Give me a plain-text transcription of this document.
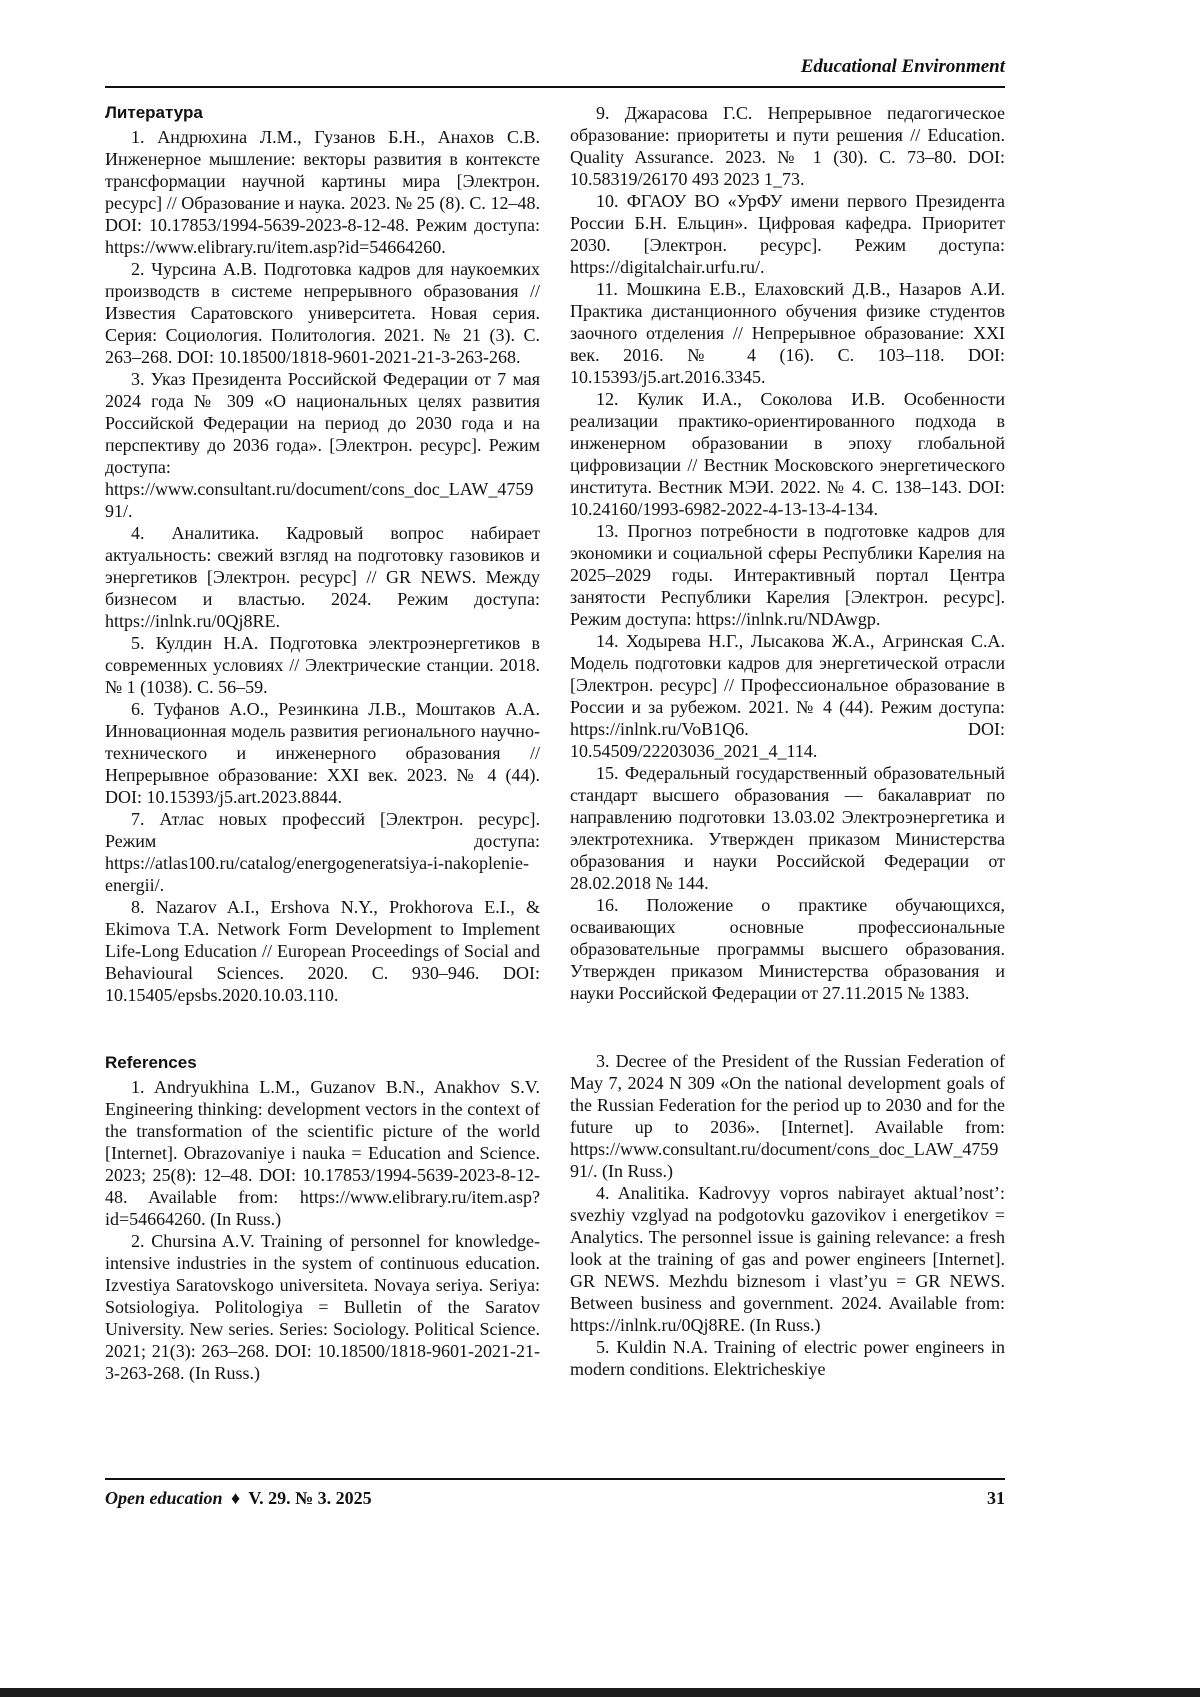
Educational Environment
Литература

1. Андрюхина Л.М., Гузанов Б.Н., Анахов С.В. Инженерное мышление: векторы развития в контексте трансформации научной картины мира [Электрон. ресурс] // Образование и наука. 2023. № 25 (8). С. 12–48. DOI: 10.17853/1994-5639-2023-8-12-48. Режим доступа: https://www.elibrary.ru/item.asp?id=54664260.

2. Чурсина А.В. Подготовка кадров для наукоемких производств в системе непрерывного образования // Известия Саратовского университета. Новая серия. Серия: Социология. Политология. 2021. № 21 (3). С. 263–268. DOI: 10.18500/1818-9601-2021-21-3-263-268.

3. Указ Президента Российской Федерации от 7 мая 2024 года № 309 «О национальных целях развития Российской Федерации на период до 2030 года и на перспективу до 2036 года». [Электрон. ресурс]. Режим доступа: https://www.consultant.ru/document/cons_doc_LAW_475991/.

4. Аналитика. Кадровый вопрос набирает актуальность: свежий взгляд на подготовку газовиков и энергетиков [Электрон. ресурс] // GR NEWS. Между бизнесом и властью. 2024. Режим доступа: https://inlnk.ru/0Qj8RE.

5. Кулдин Н.А. Подготовка электроэнергетиков в современных условиях // Электрические станции. 2018. № 1 (1038). С. 56–59.

6. Туфанов А.О., Резинкина Л.В., Моштаков А.А. Инновационная модель развития регионального научно-технического и инженерного образования // Непрерывное образование: XXI век. 2023. № 4 (44). DOI: 10.15393/j5.art.2023.8844.

7. Атлас новых профессий [Электрон. ресурс]. Режим доступа: https://atlas100.ru/catalog/energogeneratsiya-i-nakoplenie-energii/.

8. Nazarov A.I., Ershova N.Y., Prokhorova E.I., & Ekimova T.A. Network Form Development to Implement Life-Long Education // European Proceedings of Social and Behavioural Sciences. 2020. С. 930–946. DOI: 10.15405/epsbs.2020.10.03.110.

References

1. Andryukhina L.M., Guzanov B.N., Anakhov S.V. Engineering thinking: development vectors in the context of the transformation of the scientific picture of the world [Internet]. Obrazovaniye i nauka = Education and Science. 2023; 25(8): 12–48. DOI: 10.17853/1994-5639-2023-8-12-48. Available from: https://www.elibrary.ru/item.asp?id=54664260. (In Russ.)

2. Chursina A.V. Training of personnel for knowledge-intensive industries in the system of continuous education. Izvestiya Saratovskogo universiteta. Novaya seriya. Seriya: Sotsiologiya. Politologiya = Bulletin of the Saratov University. New series. Series: Sociology. Political Science. 2021; 21(3): 263–268. DOI: 10.18500/1818-9601-2021-21-3-263-268. (In Russ.)

9. Джарасова Г.С. Непрерывное педагогическое образование: приоритеты и пути решения // Education. Quality Assurance. 2023. № 1 (30). С. 73–80. DOI: 10.58319/26170 493 2023 1_73.

10. ФГАОУ ВО «УрФУ имени первого Президента России Б.Н. Ельцин». Цифровая кафедра. Приоритет 2030. [Электрон. ресурс]. Режим доступа: https://digitalchair.urfu.ru/.

11. Мошкина Е.В., Елаховский Д.В., Назаров А.И. Практика дистанционного обучения физике студентов заочного отделения // Непрерывное образование: XXI век. 2016. № 4 (16). С. 103–118. DOI: 10.15393/j5.art.2016.3345.

12. Кулик И.А., Соколова И.В. Особенности реализации практико-ориентированного подхода в инженерном образовании в эпоху глобальной цифровизации // Вестник Московского энергетического института. Вестник МЭИ. 2022. № 4. С. 138–143. DOI: 10.24160/1993-6982-2022-4-13-13-4-134.

13. Прогноз потребности в подготовке кадров для экономики и социальной сферы Республики Карелия на 2025–2029 годы. Интерактивный портал Центра занятости Республики Карелия [Электрон. ресурс]. Режим доступа: https://inlnk.ru/NDAwgp.

14. Ходырева Н.Г., Лысакова Ж.А., Агринская С.А. Модель подготовки кадров для энергетической отрасли [Электрон. ресурс] // Профессиональное образование в России и за рубежом. 2021. № 4 (44). Режим доступа: https://inlnk.ru/VoB1Q6. DOI: 10.54509/22203036_2021_4_114.

15. Федеральный государственный образовательный стандарт высшего образования — бакалавриат по направлению подготовки 13.03.02 Электроэнергетика и электротехника. Утвержден приказом Министерства образования и науки Российской Федерации от 28.02.2018 № 144.

16. Положение о практике обучающихся, осваивающих основные профессиональные образовательные программы высшего образования. Утвержден приказом Министерства образования и науки Российской Федерации от 27.11.2015 № 1383.

3. Decree of the President of the Russian Federation of May 7, 2024 N 309 «On the national development goals of the Russian Federation for the period up to 2030 and for the future up to 2036». [Internet]. Available from: https://www.consultant.ru/document/cons_doc_LAW_475991/. (In Russ.)

4. Analitika. Kadrovyy vopros nabirayet aktual’nost’: svezhiy vzglyad na podgotovku gazovikov i energetikov = Analytics. The personnel issue is gaining relevance: a fresh look at the training of gas and power engineers [Internet]. GR NEWS. Mezhdu biznesom i vlast’yu = GR NEWS. Between business and government. 2024. Available from: https://inlnk.ru/0Qj8RE. (In Russ.)

5. Kuldin N.A. Training of electric power engineers in modern conditions. Elektricheskiye

Open education ♦ V. 29. № 3. 2025	31
